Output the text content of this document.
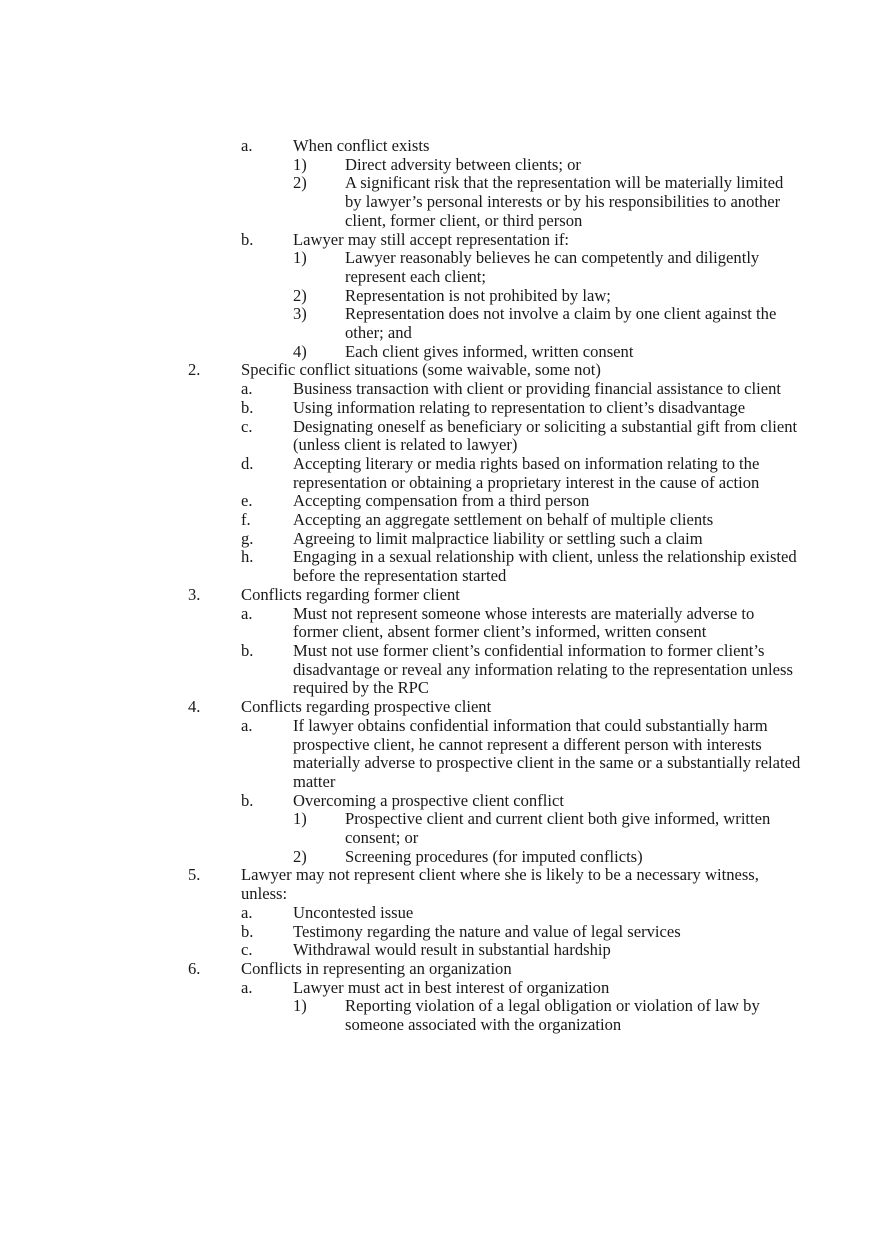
a. When conflict exists
1) Direct adversity between clients; or
2) A significant risk that the representation will be materially limited by lawyer’s personal interests or by his responsibilities to another client, former client, or third person
b. Lawyer may still accept representation if:
1) Lawyer reasonably believes he can competently and diligently represent each client;
2) Representation is not prohibited by law;
3) Representation does not involve a claim by one client against the other; and
4) Each client gives informed, written consent
2. Specific conflict situations (some waivable, some not)
a. Business transaction with client or providing financial assistance to client
b. Using information relating to representation to client’s disadvantage
c. Designating oneself as beneficiary or soliciting a substantial gift from client (unless client is related to lawyer)
d. Accepting literary or media rights based on information relating to the representation or obtaining a proprietary interest in the cause of action
e. Accepting compensation from a third person
f.	Accepting an aggregate settlement on behalf of multiple clients
g. Agreeing to limit malpractice liability or settling such a claim
h. Engaging in a sexual relationship with client, unless the relationship existed before the representation started
3. Conflicts regarding former client
a. Must not represent someone whose interests are materially adverse to former client, absent former client’s informed, written consent
b. Must not use former client’s confidential information to former client’s disadvantage or reveal any information relating to the representation unless required by the RPC
4. Conflicts regarding prospective client
a. If lawyer obtains confidential information that could substantially harm prospective client, he cannot represent a different person with interests materially adverse to prospective client in the same or a substantially related matter
b. Overcoming a prospective client conflict
1) Prospective client and current client both give informed, written consent; or
2) Screening procedures (for imputed conflicts)
5. Lawyer may not represent client where she is likely to be a necessary witness, unless:
a. Uncontested issue
b. Testimony regarding the nature and value of legal services
c. Withdrawal would result in substantial hardship
6. Conflicts in representing an organization
a. Lawyer must act in best interest of organization
1) Reporting violation of a legal obligation or violation of law by someone associated with the organization
